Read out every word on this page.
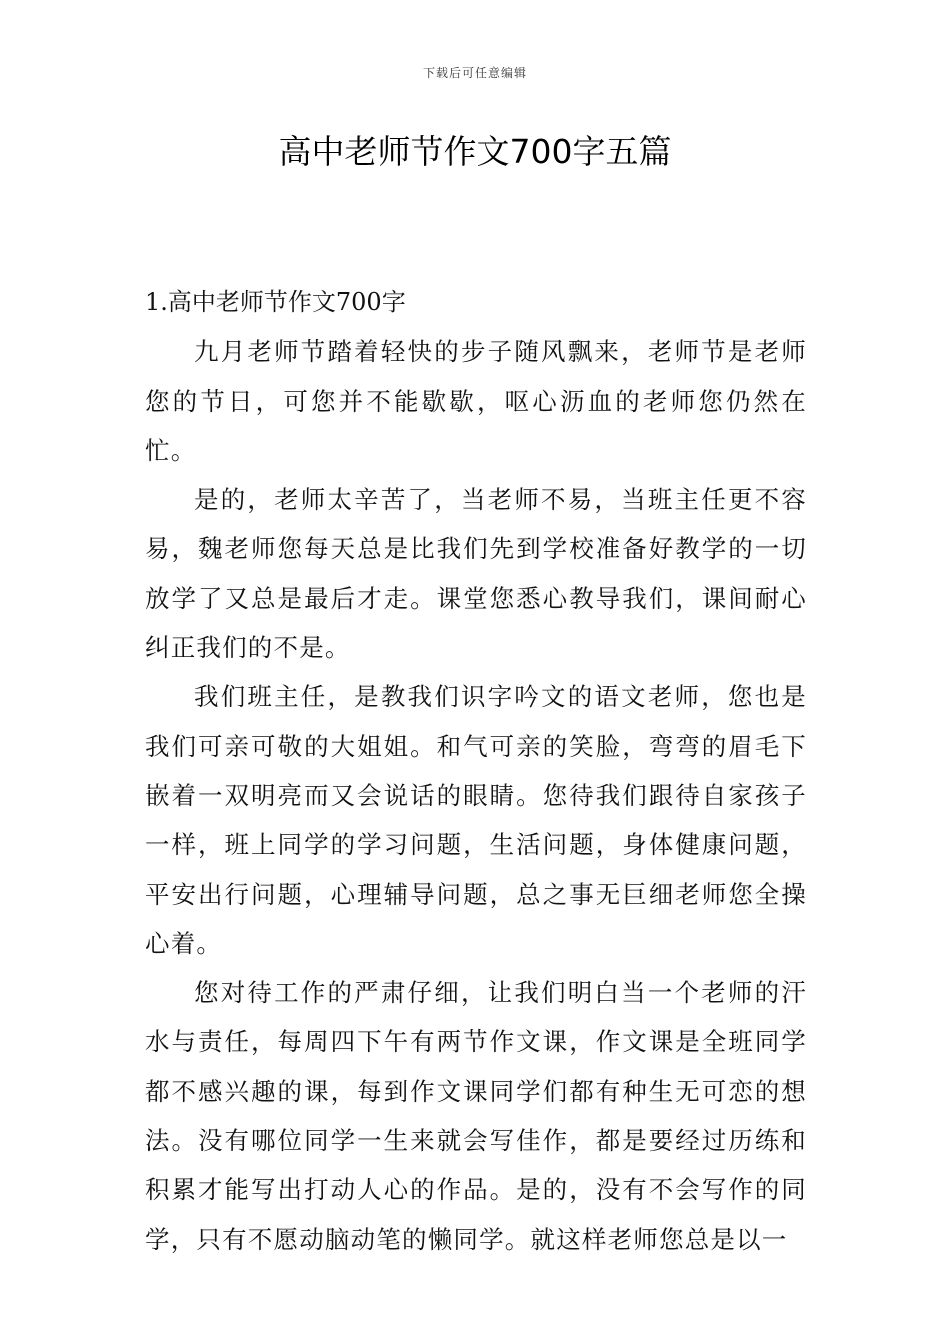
下载后可任意编辑
高中老师节作文700字五篇
1.高中老师节作文700字

九月老师节踏着轻快的步子随风飘来，老师节是老师您的节日，可您并不能歇歇，呕心沥血的老师您仍然在忙。

是的，老师太辛苦了，当老师不易，当班主任更不容易，魏老师您每天总是比我们先到学校准备好教学的一切放学了又总是最后才走。课堂您悉心教导我们，课间耐心纠正我们的不是。

我们班主任，是教我们识字吟文的语文老师，您也是我们可亲可敬的大姐姐。和气可亲的笑脸，弯弯的眉毛下嵌着一双明亮而又会说话的眼睛。您待我们跟待自家孩子一样，班上同学的学习问题，生活问题，身体健康问题，平安出行问题，心理辅导问题，总之事无巨细老师您全操心着。

您对待工作的严肃仔细，让我们明白当一个老师的汗水与责任，每周四下午有两节作文课，作文课是全班同学都不感兴趣的课，每到作文课同学们都有种生无可恋的想法。没有哪位同学一生来就会写佳作，都是要经过历练和积累才能写出打动人心的作品。是的，没有不会写作的同学，只有不愿动脑动笔的懒同学。就这样老师您总是以一
